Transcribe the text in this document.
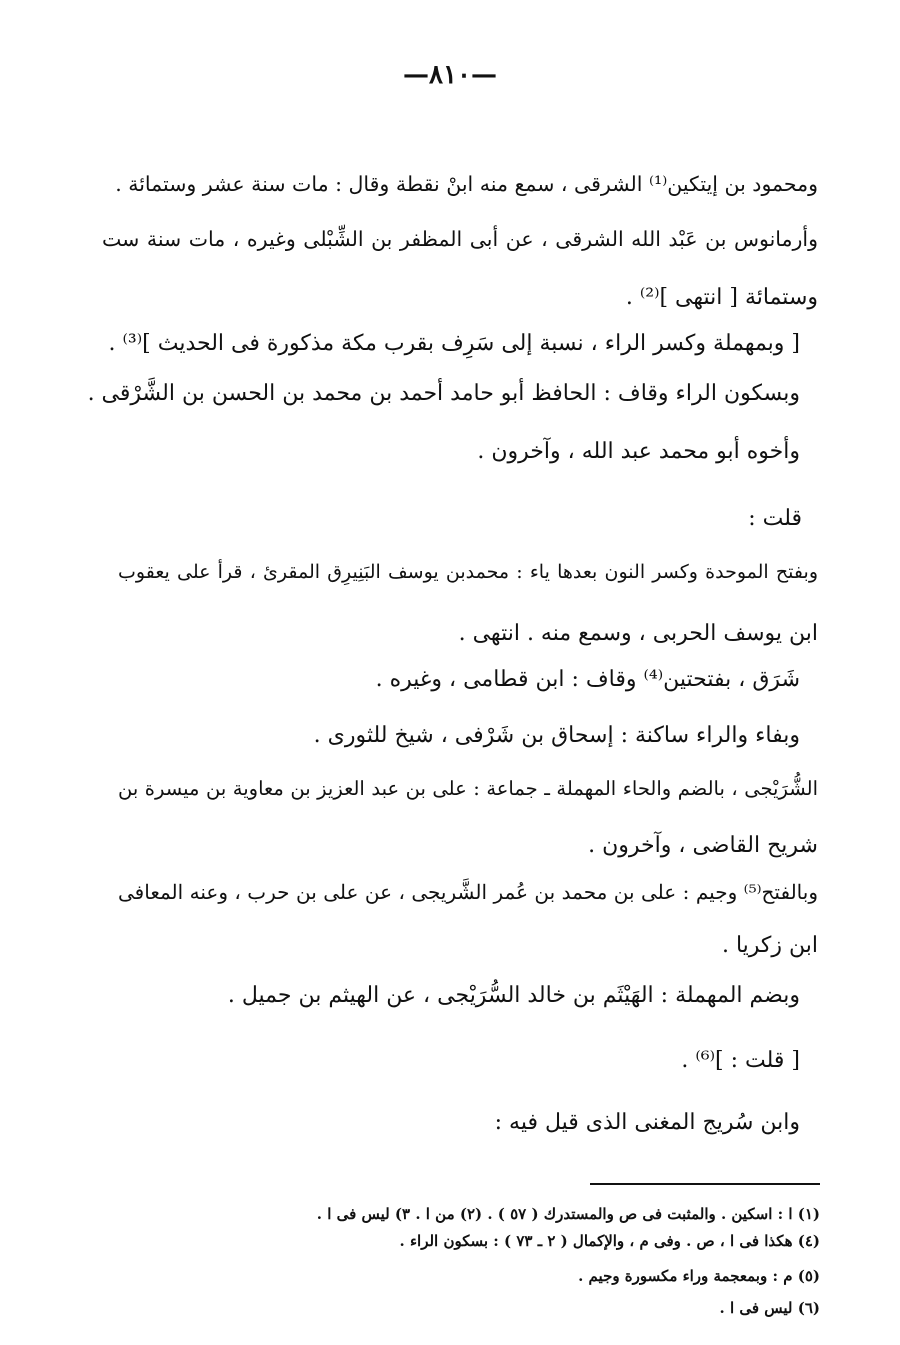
—٨١٠—
ومحمود بن إيتكين⁽¹⁾ الشرقى ، سمع منه ابنْ نقطة وقال : مات سنة عشر وستمائة .
وأرمانوس بن عَبْد الله الشرقى ، عن أبى المظفر بن الشِّبْلى وغيره ، مات سنة ست
وستمائة [ انتهى ]⁽²⁾ .
[ وبمهملة وكسر الراء ، نسبة إلى سَرِف بقرب مكة مذكورة فى الحديث ]⁽³⁾ .
وبسكون الراء وقاف : الحافظ أبو حامد أحمد بن محمد بن الحسن بن الشَّرْقى .
وأخوه أبو محمد عبد الله ، وآخرون .
قلت :
وبفتح الموحدة وكسر النون بعدها ياء : محمدبن يوسف البَنِيرِق المقرئ ، قرأ على يعقوب
ابن يوسف الحربى ، وسمع منه . انتهى .
شَرَق ، بفتحتين⁽⁴⁾ وقاف : ابن قطامى ، وغيره .
وبفاء والراء ساكنة : إسحاق بن شَرْفى ، شيخ للثورى .
الشُّرَيْجى ، بالضم والحاء المهملة ـ جماعة : على بن عبد العزيز بن معاوية بن ميسرة بن
شريح القاضى ، وآخرون .
وبالفتح⁽⁵⁾ وجيم : على بن محمد بن عُمر الشَّريجى ، عن على بن حرب ، وعنه المعافى
ابن زكريا .
وبضم المهملة : الهَيْثَم بن خالد السُّرَيْجى ، عن الهيثم بن جميل .
[ قلت : ]⁽⁶⁾ .
وابن سُريج المغنى الذى قيل فيه :
(١) ا : اسكين . والمثبت فى ص والمستدرك ( ٥٧ ) . (٢) من ا . ٣) ليس فى ا .
(٤) هكذا فى ا ، ص . وفى م ، والإكمال ( ٢ ـ ٧٣ ) : بسكون الراء .
(٥) م : وبمعجمة وراء مكسورة وجيم .
(٦) ليس فى ا .
